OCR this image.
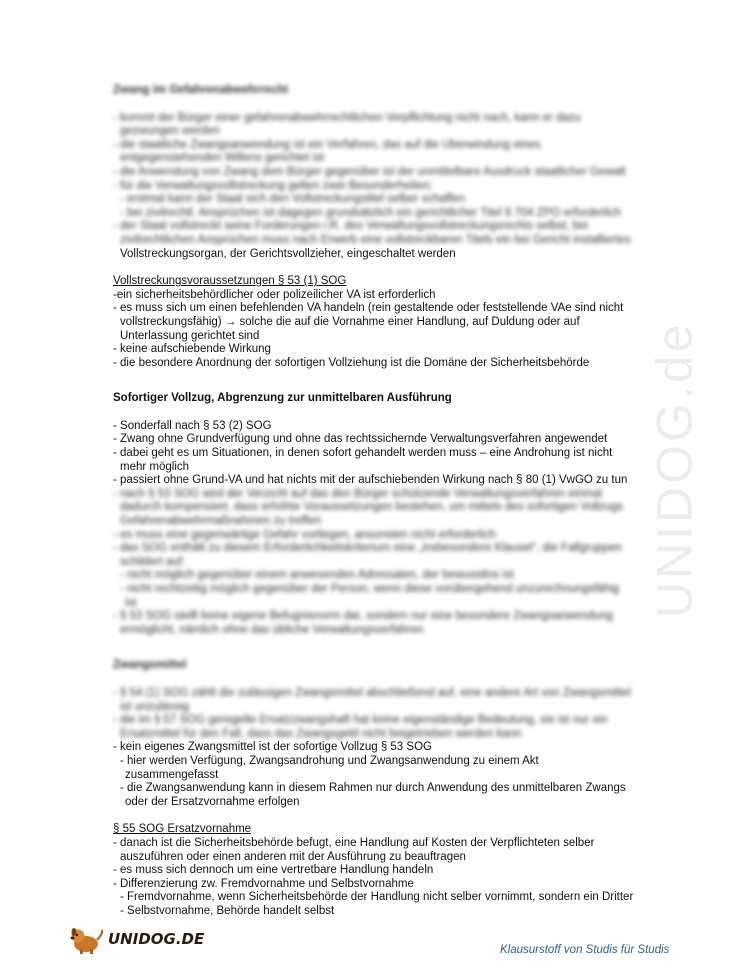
UNIDOG.de
Zwang im Gefahrenabwehrrecht
- kommt der Bürger einer gefahrenabwehrrechtlichen Verpflichtung nicht nach, kann er dazu
gezwungen werden
- die staatliche Zwangsanwendung ist ein Verfahren, das auf die Überwindung eines
entgegenstehenden Willens gerichtet ist
- die Anwendung von Zwang dem Bürger gegenüber ist der unmittelbare Ausdruck staatlicher Gewalt
- für die Verwaltungsvollstreckung gelten zwei Besonderheiten:
- erstmal kann der Staat sich den Vollstreckungstitel selber schaffen
- bei zivilrechtl. Ansprüchen ist dagegen grundsätzlich ein gerichtlicher Titel § 704 ZPO erforderlich
- der Staat vollstreckt seine Forderungen i.R. des Verwaltungsvollstreckungsrechts selbst, bei
zivilrechtlichen Ansprüchen muss nach Erwerb eine vollstreckbaren Titels ein bei Gericht installiertes
Vollstreckungsorgan, der Gerichtsvollzieher, eingeschaltet werden
Vollstreckungsvoraussetzungen § 53 (1) SOG
-ein sicherheitsbehördlicher oder polizeilicher VA ist erforderlich
- es muss sich um einen befehlenden VA handeln (rein gestaltende oder feststellende VAe sind nicht
vollstreckungsfähig) → solche die auf die Vornahme einer Handlung, auf Duldung oder auf
Unterlassung gerichtet sind
- keine aufschiebende Wirkung
- die besondere Anordnung der sofortigen Vollziehung ist die Domäne der Sicherheitsbehörde
Sofortiger Vollzug, Abgrenzung zur unmittelbaren Ausführung
- Sonderfall nach § 53 (2) SOG
- Zwang ohne Grundverfügung und ohne das rechtssichernde Verwaltungsverfahren angewendet
- dabei geht es um Situationen, in denen sofort gehandelt werden muss – eine Androhung ist nicht
mehr möglich
- passiert ohne Grund-VA und hat nichts mit der aufschiebenden Wirkung nach § 80 (1) VwGO zu tun
- nach § 53 SOG wird der Verzicht auf das den Bürger schützende Verwaltungsverfahren einmal
dadurch kompensiert, dass erhöhte Voraussetzungen bestehen, um mittels des sofortigen Vollzugs
Gefahrenabwehrmaßnahmen zu treffen
- es muss eine gegenwärtige Gefahr vorliegen, ansonsten nicht erforderlich
- das SOG enthält zu diesem Erforderlichkeitskriterium eine „insbesondere Klausel“, die Fallgruppen
schildert auf:
- nicht möglich gegenüber einem anwesenden Adressaten, der bewusstlos ist
- nicht rechtzeitig möglich gegenüber der Person, wenn diese vorübergehend unzurechnungsfähig
ist
- § 53 SOG stellt keine eigene Befugnisnorm dar, sondern nur eine besondere Zwangsanwendung
ermöglicht, nämlich ohne das übliche Verwaltungsverfahren
Zwangsmittel
- § 54 (1) SOG zählt die zulässigen Zwangsmittel abschließend auf, eine andere Art von Zwangsmittel
ist unzulässig
- die im § 57 SOG geregelte Ersatzzwangshaft hat keine eigenständige Bedeutung, sie ist nur ein
Ersatzmittel für den Fall, dass das Zwangsgeld nicht beigetrieben werden kann
- kein eigenes Zwangsmittel ist der sofortige Vollzug § 53 SOG
- hier werden Verfügung, Zwangsandrohung und Zwangsanwendung zu einem Akt
zusammengefasst
- die Zwangsanwendung kann in diesem Rahmen nur durch Anwendung des unmittelbaren Zwangs
oder der Ersatzvornahme erfolgen
§ 55 SOG Ersatzvornahme
- danach ist die Sicherheitsbehörde befugt, eine Handlung auf Kosten der Verpflichteten selber
auszuführen oder einen anderen mit der Ausführung zu beauftragen
- es muss sich dennoch um eine vertretbare Handlung handeln
- Differenzierung zw. Fremdvornahme und Selbstvornahme
- Fremdvornahme, wenn Sicherheitsbehörde der Handlung nicht selber vornimmt, sondern ein Dritter
- Selbstvornahme, Behörde handelt selbst
UNIDOG.DE
Klausurstoff von Studis für Studis
